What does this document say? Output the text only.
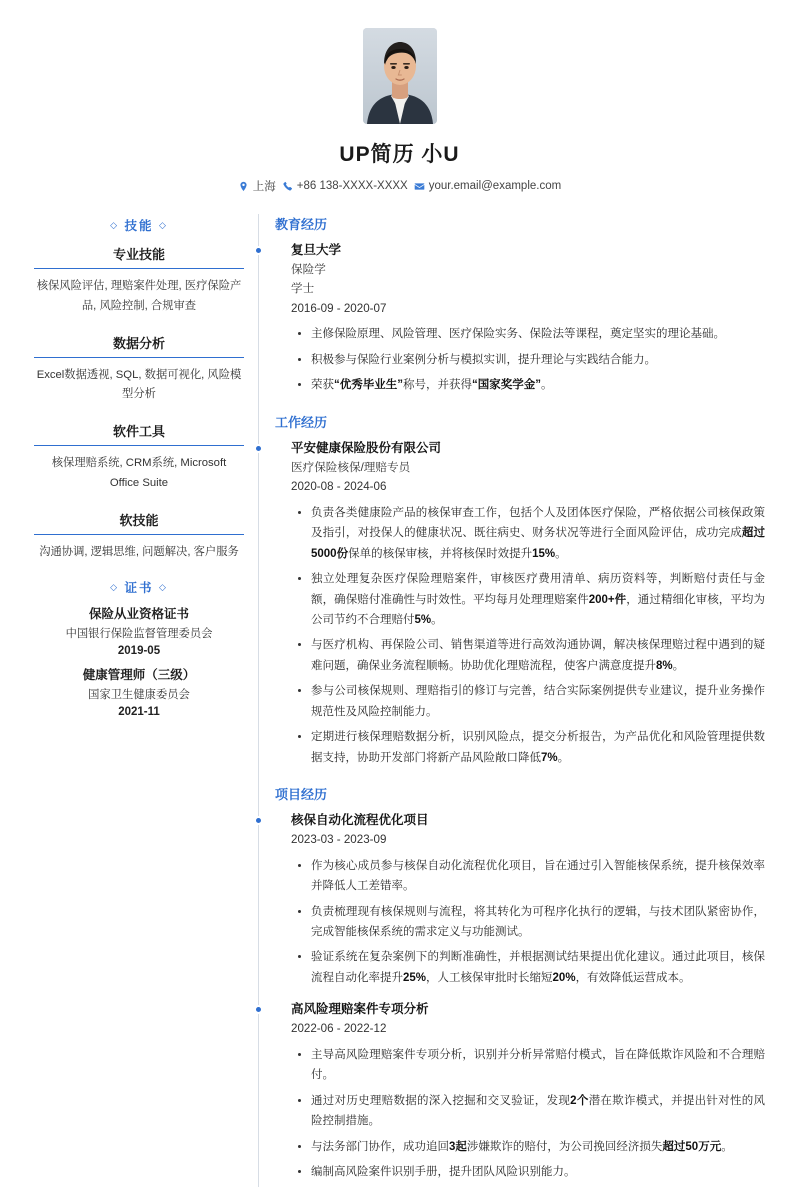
UP简历 小U
上海 +86 138-XXXX-XXXX your.email@example.com
◇ 技能 ◇
专业技能
核保风险评估, 理赔案件处理, 医疗保险产品, 风险控制, 合规审查
数据分析
Excel数据透视, SQL, 数据可视化, 风险模型分析
软件工具
核保理赔系统, CRM系统, Microsoft Office Suite
软技能
沟通协调, 逻辑思维, 问题解决, 客户服务
◇ 证书 ◇
保险从业资格证书
中国银行保险监督管理委员会
2019-05
健康管理师（三级）
国家卫生健康委员会
2021-11
教育经历
复旦大学
保险学
学士
2016-09 - 2020-07
• 主修保险原理、风险管理、医疗保险实务、保险法等课程，奠定坚实的理论基础。
• 积极参与保险行业案例分析与模拟实训，提升理论与实践结合能力。
• 荣获“优秀毕业生”称号，并获得“国家奖学金”。
工作经历
平安健康保险股份有限公司
医疗保险核保/理赔专员
2020-08 - 2024-06
• 负责各类健康险产品的核保审查工作，包括个人及团体医疗保险，严格依据公司核保政策及指引，对投保人的健康状况、既往病史、财务状况等进行全面风险评估，成功完成超过5000份保单的核保审核，并将核保时效提升15%。
• 独立处理复杂医疗保险理赔案件，审核医疗费用清单、病历资料等，判断赔付责任与金额，确保赔付准确性与时效性。平均每月处理理赔案件200+件，通过精细化审核，平均为公司节约不合理赔付5%。
• 与医疗机构、再保险公司、销售渠道等进行高效沟通协调，解决核保理赔过程中遇到的疑难问题，确保业务流程顺畅。协助优化理赔流程，使客户满意度提升8%。
• 参与公司核保规则、理赔指引的修订与完善，结合实际案例提供专业建议，提升业务操作规范性及风险控制能力。
• 定期进行核保理赔数据分析，识别风险点，提交分析报告，为产品优化和风险管理提供数据支持，协助开发部门将新产品风险敞口降低7%。
项目经历
核保自动化流程优化项目
2023-03 - 2023-09
• 作为核心成员参与核保自动化流程优化项目，旨在通过引入智能核保系统，提升核保效率并降低人工差错率。
• 负责梳理现有核保规则与流程，将其转化为可程序化执行的逻辑，与技术团队紧密协作，完成智能核保系统的需求定义与功能测试。
• 验证系统在复杂案例下的判断准确性，并根据测试结果提出优化建议。通过此项目，核保流程自动化率提升25%，人工核保审批时长缩短20%，有效降低运营成本。
高风险理赔案件专项分析
2022-06 - 2022-12
• 主导高风险理赔案件专项分析，识别并分析异常赔付模式，旨在降低欺诈风险和不合理赔付。
• 通过对历史理赔数据的深入挖掘和交叉验证，发现2个潜在欺诈模式，并提出针对性的风险控制措施。
• 与法务部门协作，成功追回3起涉嫌欺诈的赔付，为公司挽回经济损失超过50万元。
• 编制高风险案件识别手册，提升团队风险识别能力。
